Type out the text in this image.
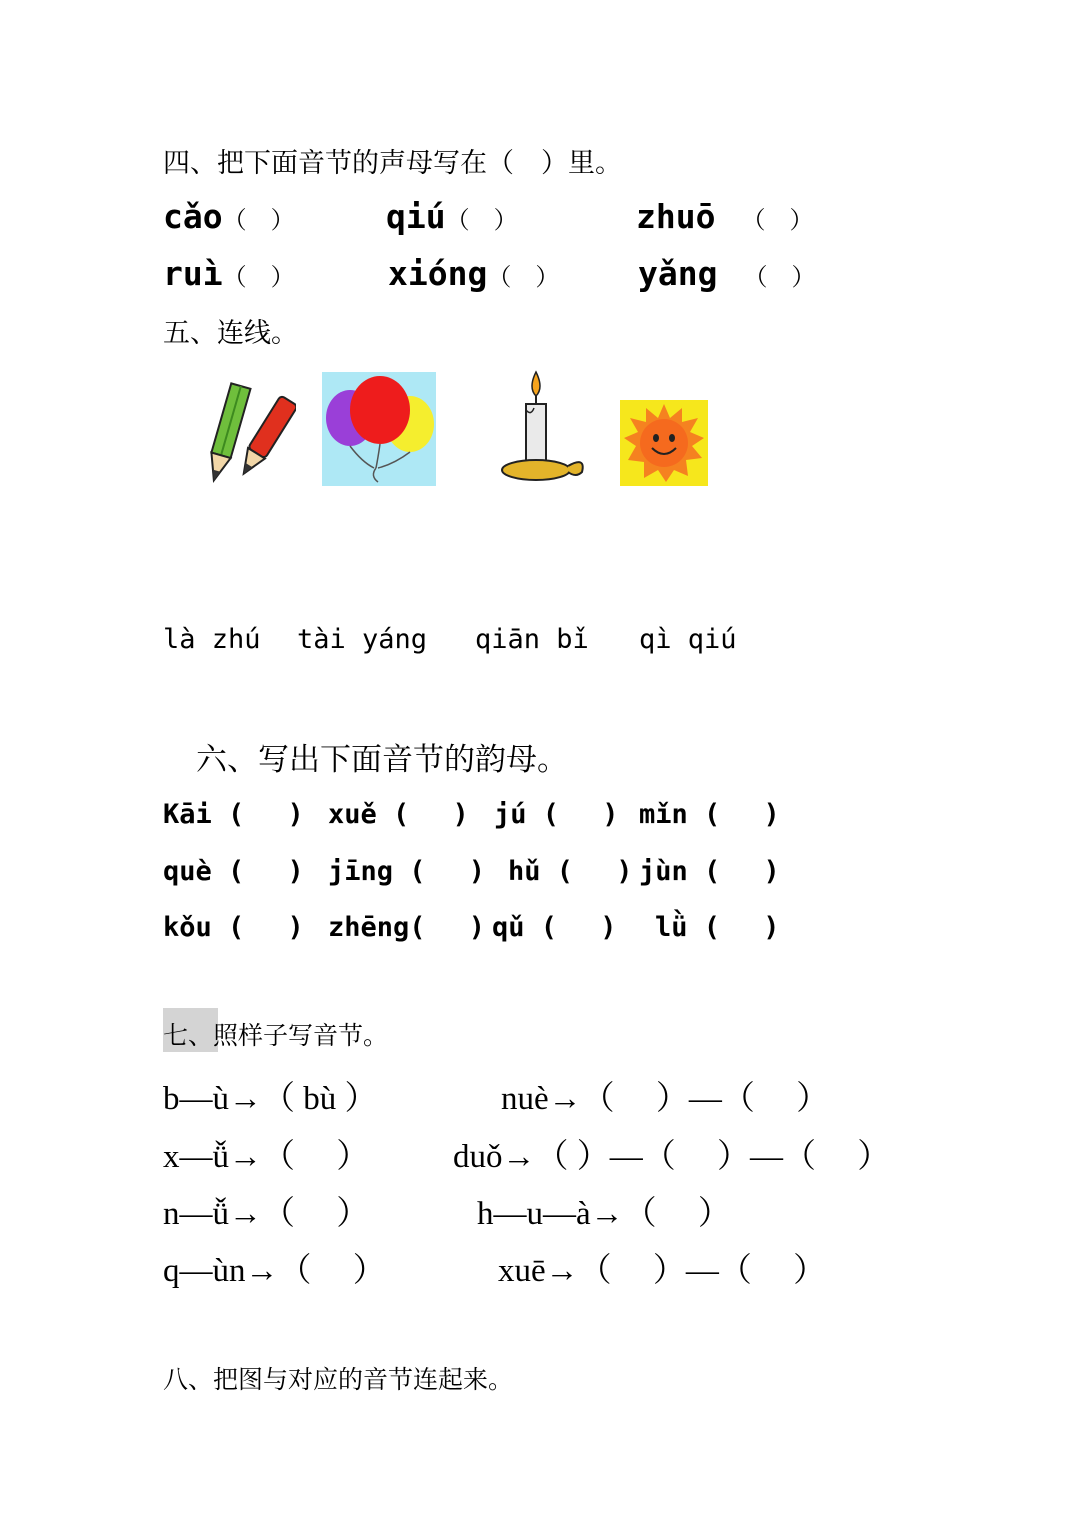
四、把下面音节的声母写在（　）里。
cǎo（　）	qiú（　）	zhuō （　）
ruì（　）	xióng（　） yǎng （　）
五、连线。
là zhú tài yáng qiān bǐ qì qiú
六、写出下面音节的韵母。
Kāi (　 ) xuě (　 ) jú (　 ) mǐn (　 )
què (　 ) jīng (　 ) hǔ (　 ) jùn (　 )
kǒu (　 ) zhēng(　 ) qǔ (　 ) lǜ (　 )
七、照样子写音节。
b—ù→（ bù ）	nuè→（　 ）—（　 ）
x—ǚ→（　 ）	duǒ→（ ）—（　 ）—（　 ）
n—ǚ→（　 ）	h—u—à→（　 ）
q—ùn→（　 ）	xuē→（　 ）—（　 ）
八、把图与对应的音节连起来。
